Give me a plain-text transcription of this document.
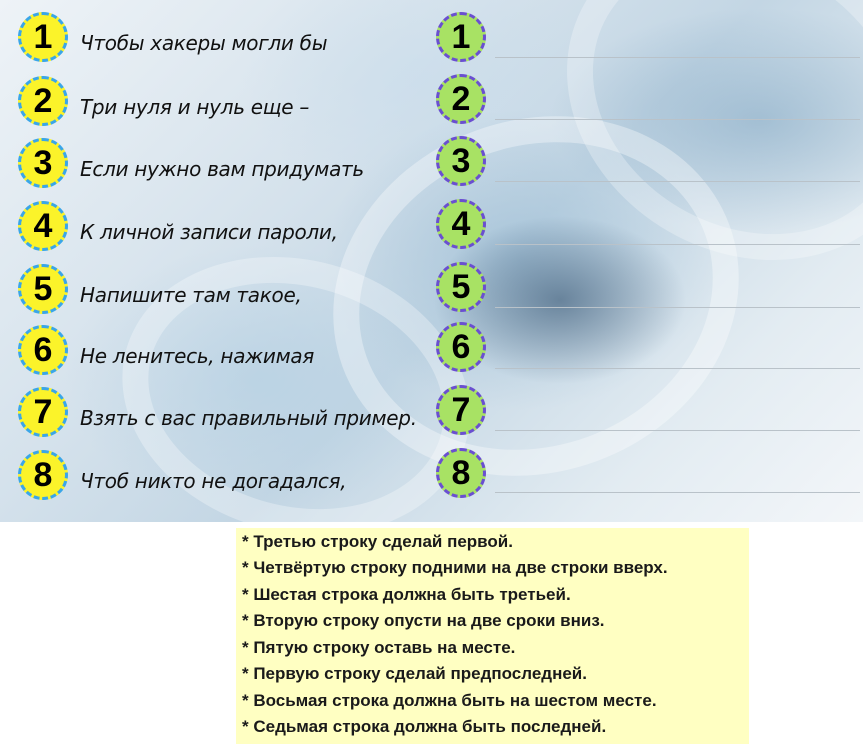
1
2
3
4
5
6
7
8
Чтобы хакеры могли бы
Три нуля и нуль еще –
Если нужно вам придумать
К личной записи пароли,
Напишите там такое,
Не ленитесь, нажимая
Взять с вас правильный пример.
Чтоб никто не догадался,
1
2
3
4
5
6
7
8
* Третью строку сделай первой.
* Четвёртую строку подними на две строки вверх.
* Шестая строка должна быть третьей.
* Вторую строку опусти на две сроки вниз.
* Пятую строку оставь на месте.
* Первую строку сделай предпоследней.
* Восьмая строка должна быть на шестом месте.
* Седьмая строка должна быть последней.
